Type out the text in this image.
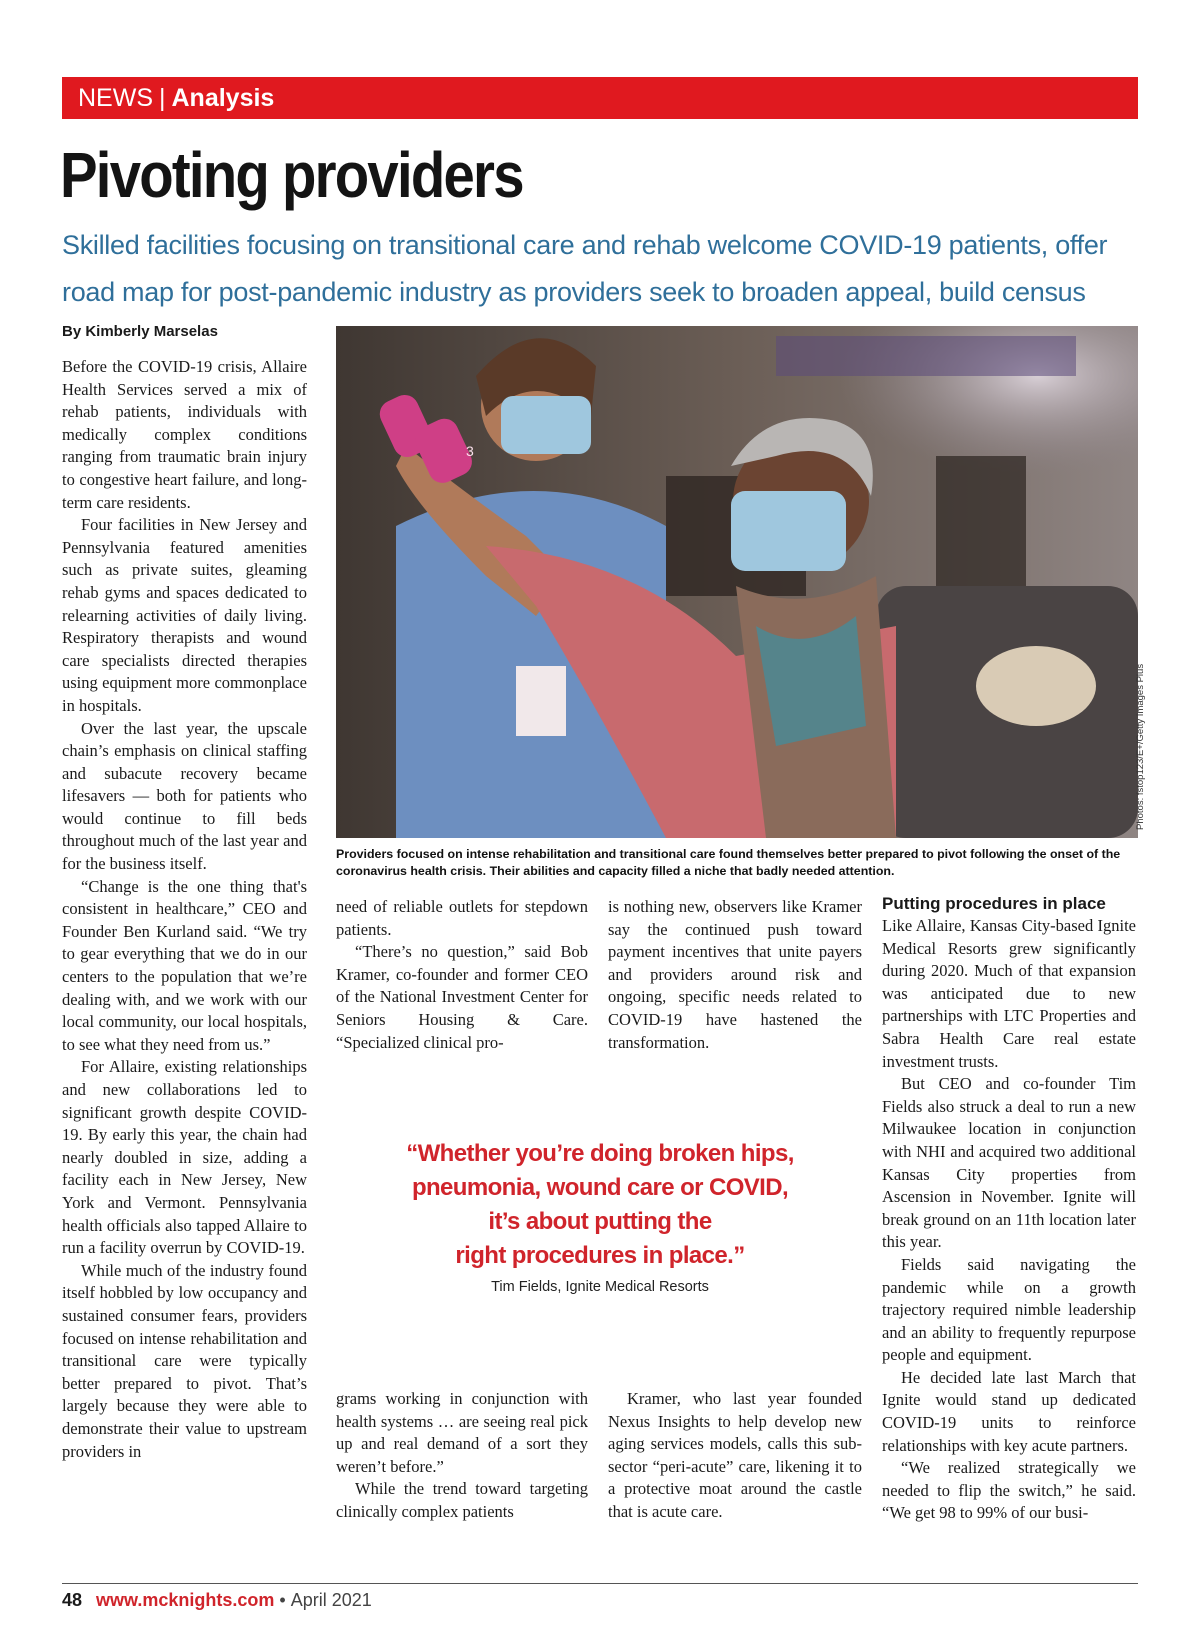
NEWS | Analysis
Pivoting providers
Skilled facilities focusing on transitional care and rehab welcome COVID-19 patients, offer road map for post-pandemic industry as providers seek to broaden appeal, build census
By Kimberly Marselas

Before the COVID-19 crisis, Allaire Health Services served a mix of rehab patients, individuals with medically complex conditions ranging from traumatic brain injury to congestive heart failure, and long-term care residents.

Four facilities in New Jersey and Pennsylvania featured amenities such as private suites, gleaming rehab gyms and spaces dedicated to relearning activities of daily living. Respiratory therapists and wound care specialists directed therapies using equipment more commonplace in hospitals.

Over the last year, the upscale chain’s emphasis on clinical staffing and subacute recovery became lifesavers — both for patients who would continue to fill beds throughout much of the last year and for the business itself.

“Change is the one thing that's consistent in healthcare,” CEO and Founder Ben Kurland said. “We try to gear everything that we do in our centers to the population that we’re dealing with, and we work with our local community, our local hospitals, to see what they need from us.”

For Allaire, existing relationships and new collaborations led to significant growth despite COVID-19. By early this year, the chain had nearly doubled in size, adding a facility each in New Jersey, New York and Vermont. Pennsylvania health officials also tapped Allaire to run a facility overrun by COVID-19.

While much of the industry found itself hobbled by low occupancy and sustained consumer fears, providers focused on intense rehabilitation and transitional care were typically better prepared to pivot. That’s largely because they were able to demonstrate their value to upstream providers in

3
Photos: fstop123/E+/Getty Images Plus
Providers focused on intense rehabilitation and transitional care found themselves better prepared to pivot following the onset of the coronavirus health crisis. Their abilities and capacity filled a niche that badly needed attention.

need of reliable outlets for stepdown patients.

“There’s no question,” said Bob Kramer, co-founder and former CEO of the National Investment Center for Seniors Housing & Care. “Specialized clinical pro-

is nothing new, observers like Kramer say the continued push toward payment incentives that unite payers and providers around risk and ongoing, specific needs related to COVID-19 have hastened the transformation.

“Whether you’re doing broken hips,
pneumonia, wound care or COVID,
it’s about putting the
right procedures in place.”
Tim Fields, Ignite Medical Resorts

grams working in conjunction with health systems … are seeing real pick up and real demand of a sort they weren’t before.”

While the trend toward targeting clinically complex patients

Kramer, who last year founded Nexus Insights to help develop new aging services models, calls this sub-sector “peri-acute” care, likening it to a protective moat around the castle that is acute care.

Putting procedures in place

Like Allaire, Kansas City-based Ignite Medical Resorts grew significantly during 2020. Much of that expansion was anticipated due to new partnerships with LTC Properties and Sabra Health Care real estate investment trusts.

But CEO and co-founder Tim Fields also struck a deal to run a new Milwaukee location in conjunction with NHI and acquired two additional Kansas City properties from Ascension in November. Ignite will break ground on an 11th location later this year.

Fields said navigating the pandemic while on a growth trajectory required nimble leadership and an ability to frequently repurpose people and equipment.

He decided late last March that Ignite would stand up dedicated COVID-19 units to reinforce relationships with key acute partners.

“We realized strategically we needed to flip the switch,” he said. “We get 98 to 99% of our busi-

48 www.mcknights.com • April 2021
